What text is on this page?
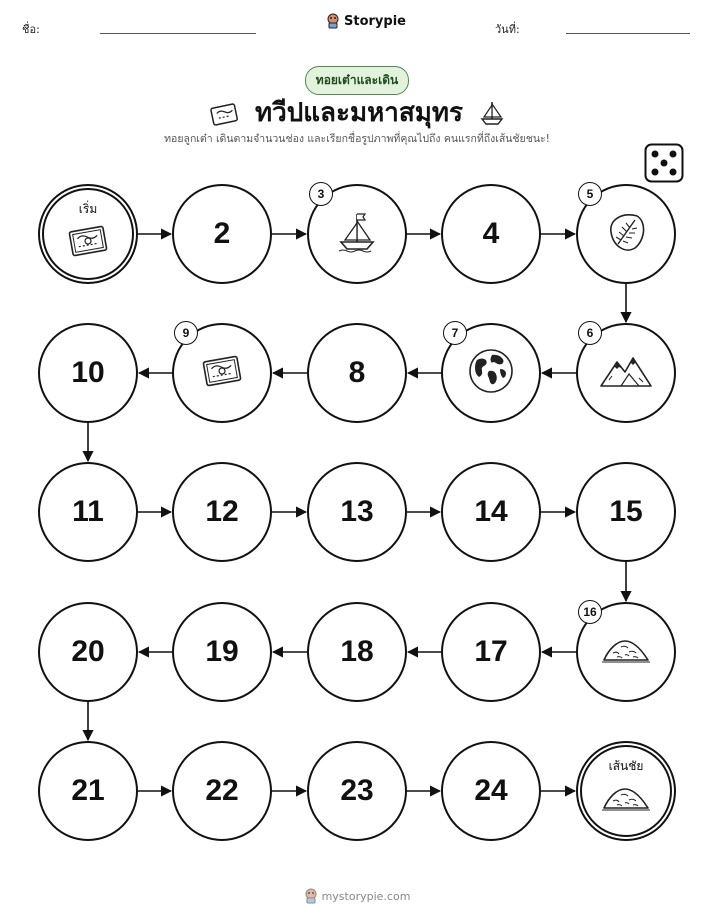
ชื่อ:
Storypie
วันที่:
ทอยเต๋าและเดิน
ทวีปและมหาสมุทร
ทอยลูกเต๋า เดินตามจำนวนช่อง และเรียกชื่อรูปภาพที่คุณไปถึง คนแรกที่ถึงเส้นชัยชนะ!
เริ่ม
2
3
4
5
6
7
8
9
10
11	12	13	14	15
16
17
18
19
20
21	22	23	24
เส้นชัย
mystorypie.com
